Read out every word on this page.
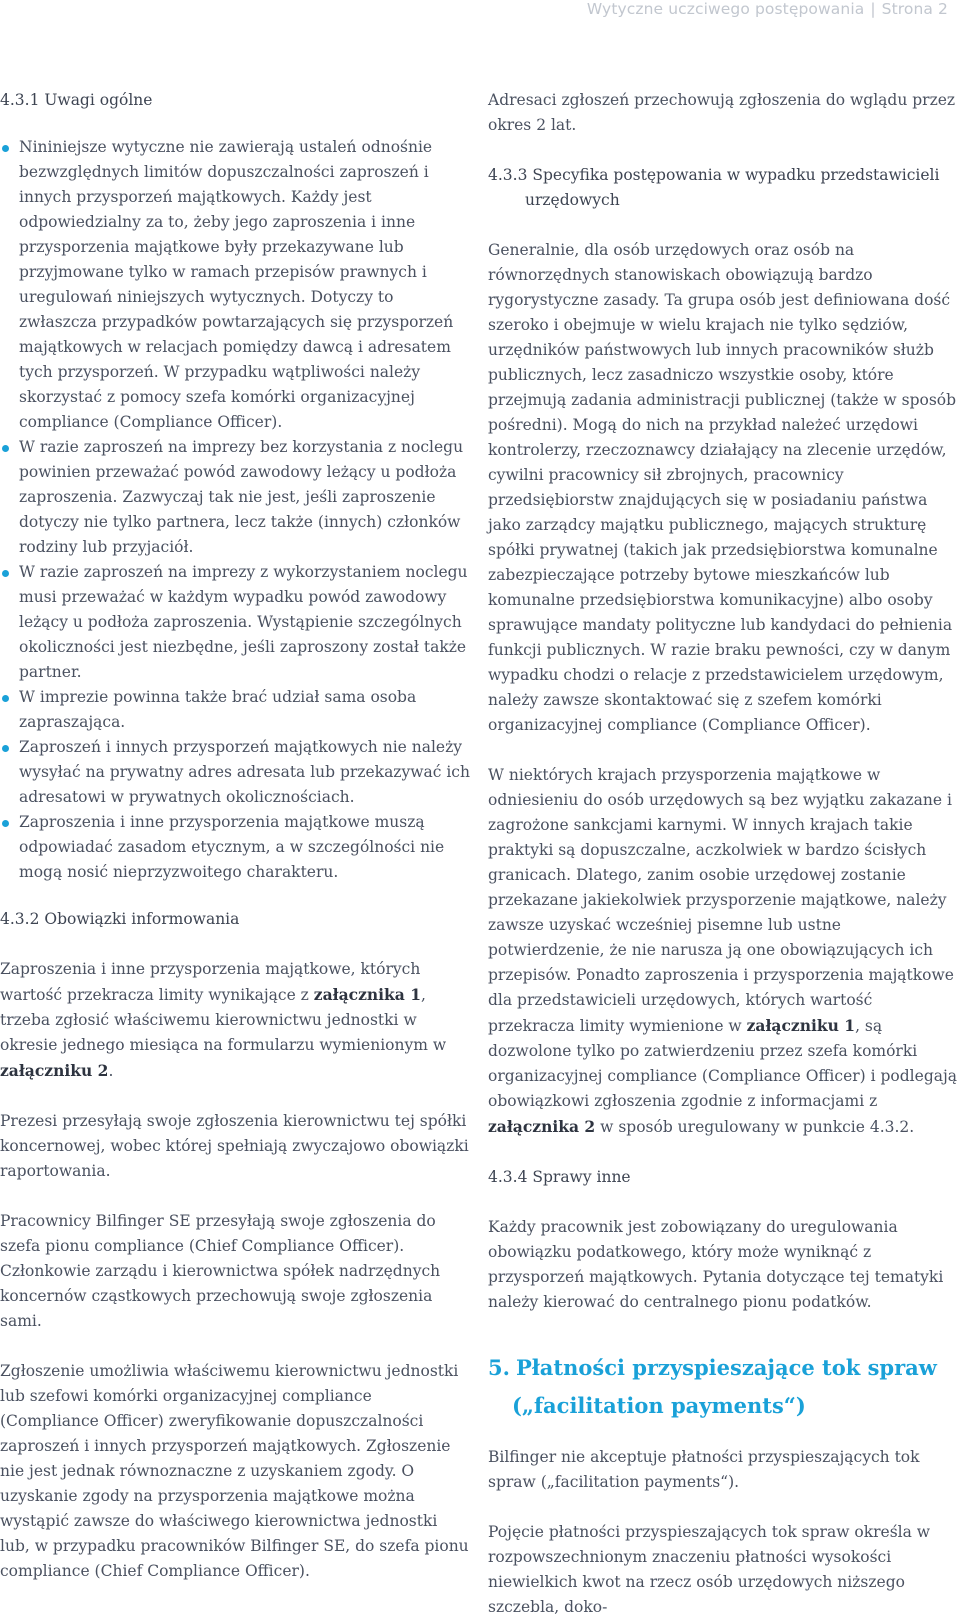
Wytyczne uczciwego postępowania | Strona 2
4.3.1 Uwagi ogólne
Nininiejsze wytyczne nie zawierają ustaleń odnośnie bezwzględnych limitów dopuszczalności zaproszeń i innych przysporzeń majątkowych. Każdy jest odpowiedzialny za to, żeby jego zaproszenia i inne przysporzenia majątkowe były przekazywane lub przyjmowane tylko w ramach przepisów prawnych i uregulowań niniejszych wytycznych. Dotyczy to zwłaszcza przypadków powtarzających się przysporzeń majątkowych w relacjach pomiędzy dawcą i adresatem tych przysporzeń. W przypadku wątpliwości należy skorzystać z pomocy szefa komórki organizacyjnej compliance (Compliance Officer).
W razie zaproszeń na imprezy bez korzystania z noclegu powinien przeważać powód zawodowy leżący u podłoża zaproszenia. Zazwyczaj tak nie jest, jeśli zaproszenie dotyczy nie tylko partnera, lecz także (innych) członków rodziny lub przyjaciół.
W razie zaproszeń na imprezy z wykorzystaniem noclegu musi przeważać w każdym wypadku powód zawodowy leżący u podłoża zaproszenia. Wystąpienie szczególnych okoliczności jest niezbędne, jeśli zaproszony został także partner.
W imprezie powinna także brać udział sama osoba zapraszająca.
Zaproszeń i innych przysporzeń majątkowych nie należy wysyłać na prywatny adres adresata lub przekazywać ich adresatowi w prywatnych okolicznościach.
Zaproszenia i inne przysporzenia majątkowe muszą odpowiadać zasadom etycznym, a w szczególności nie mogą nosić nieprzyzwoitego charakteru.
4.3.2 Obowiązki informowania

Zaproszenia i inne przysporzenia majątkowe, których wartość przekracza limity wynikające z załącznika 1, trzeba zgłosić właściwemu kierownictwu jednostki w okresie jednego miesiąca na formularzu wymienionym w załączniku 2.

Prezesi przesyłają swoje zgłoszenia kierownictwu tej spółki koncernowej, wobec której spełniają zwyczajowo obowiązki raportowania.

Pracownicy Bilfinger SE przesyłają swoje zgłoszenia do szefa pionu compliance (Chief Compliance Officer). Członkowie zarządu i kierownictwa spółek nadrzędnych koncernów cząstkowych przechowują swoje zgłoszenia sami.

Zgłoszenie umożliwia właściwemu kierownictwu jednostki lub szefowi komórki organizacyjnej compliance (Compliance Officer) zweryfikowanie dopuszczalności zaproszeń i innych przysporzeń majątkowych. Zgłoszenie nie jest jednak równoznaczne z uzyskaniem zgody. O uzyskanie zgody na przysporzenia majątkowe można wystąpić zawsze do właściwego kierownictwa jednostki lub, w przypadku pracowników Bilfinger SE, do szefa pionu compliance (Chief Compliance Officer).

Adresaci zgłoszeń przechowują zgłoszenia do wglądu przez okres 2 lat.

4.3.3 Specyfika postępowania w wypadku przedstawicieli urzędowych

Generalnie, dla osób urzędowych oraz osób na równorzędnych stanowiskach obowiązują bardzo rygorystyczne zasady. Ta grupa osób jest definiowana dość szeroko i obejmuje w wielu krajach nie tylko sędziów, urzędników państwowych lub innych pracowników służb publicznych, lecz zasadniczo wszystkie osoby, które przejmują zadania administracji publicznej (także w sposób pośredni). Mogą do nich na przykład należeć urzędowi kontrolerzy, rzeczoznawcy działający na zlecenie urzędów, cywilni pracownicy sił zbrojnych, pracownicy przedsiębiorstw znajdujących się w posiadaniu państwa jako zarządcy majątku publicznego, mających strukturę spółki prywatnej (takich jak przedsiębiorstwa komunalne zabezpieczające potrzeby bytowe mieszkańców lub komunalne przedsiębiorstwa komunikacyjne) albo osoby sprawujące mandaty polityczne lub kandydaci do pełnienia funkcji publicznych. W razie braku pewności, czy w danym wypadku chodzi o relacje z przedstawicielem urzędowym, należy zawsze skontaktować się z szefem komórki organizacyjnej compliance (Compliance Officer).

W niektórych krajach przysporzenia majątkowe w odniesieniu do osób urzędowych są bez wyjątku zakazane i zagrożone sankcjami karnymi. W innych krajach takie praktyki są dopuszczalne, aczkolwiek w bardzo ścisłych granicach. Dlatego, zanim osobie urzędowej zostanie przekazane jakiekolwiek przysporzenie majątkowe, należy zawsze uzyskać wcześniej pisemne lub ustne potwierdzenie, że nie narusza ją one obowiązujących ich przepisów. Ponadto zaproszenia i przysporzenia majątkowe dla przedstawicieli urzędowych, których wartość przekracza limity wymienione w załączniku 1, są dozwolone tylko po zatwierdzeniu przez szefa komórki organizacyjnej compliance (Compliance Officer) i podlegają obowiązkowi zgłoszenia zgodnie z informacjami z załącznika 2 w sposób uregulowany w punkcie 4.3.2.

4.3.4 Sprawy inne

Każdy pracownik jest zobowiązany do uregulowania obowiązku podatkowego, który może wyniknąć z przysporzeń majątkowych. Pytania dotyczące tej tematyki należy kierować do centralnego pionu podatków.

5. Płatności przyspieszające tok spraw
(„facilitation payments“)

Bilfinger nie akceptuje płatności przyspieszających tok spraw („facilitation payments“).

Pojęcie płatności przyspieszających tok spraw określa w rozpowszechnionym znaczeniu płatności wysokości niewielkich kwot na rzecz osób urzędowych niższego szczebla, doko-
